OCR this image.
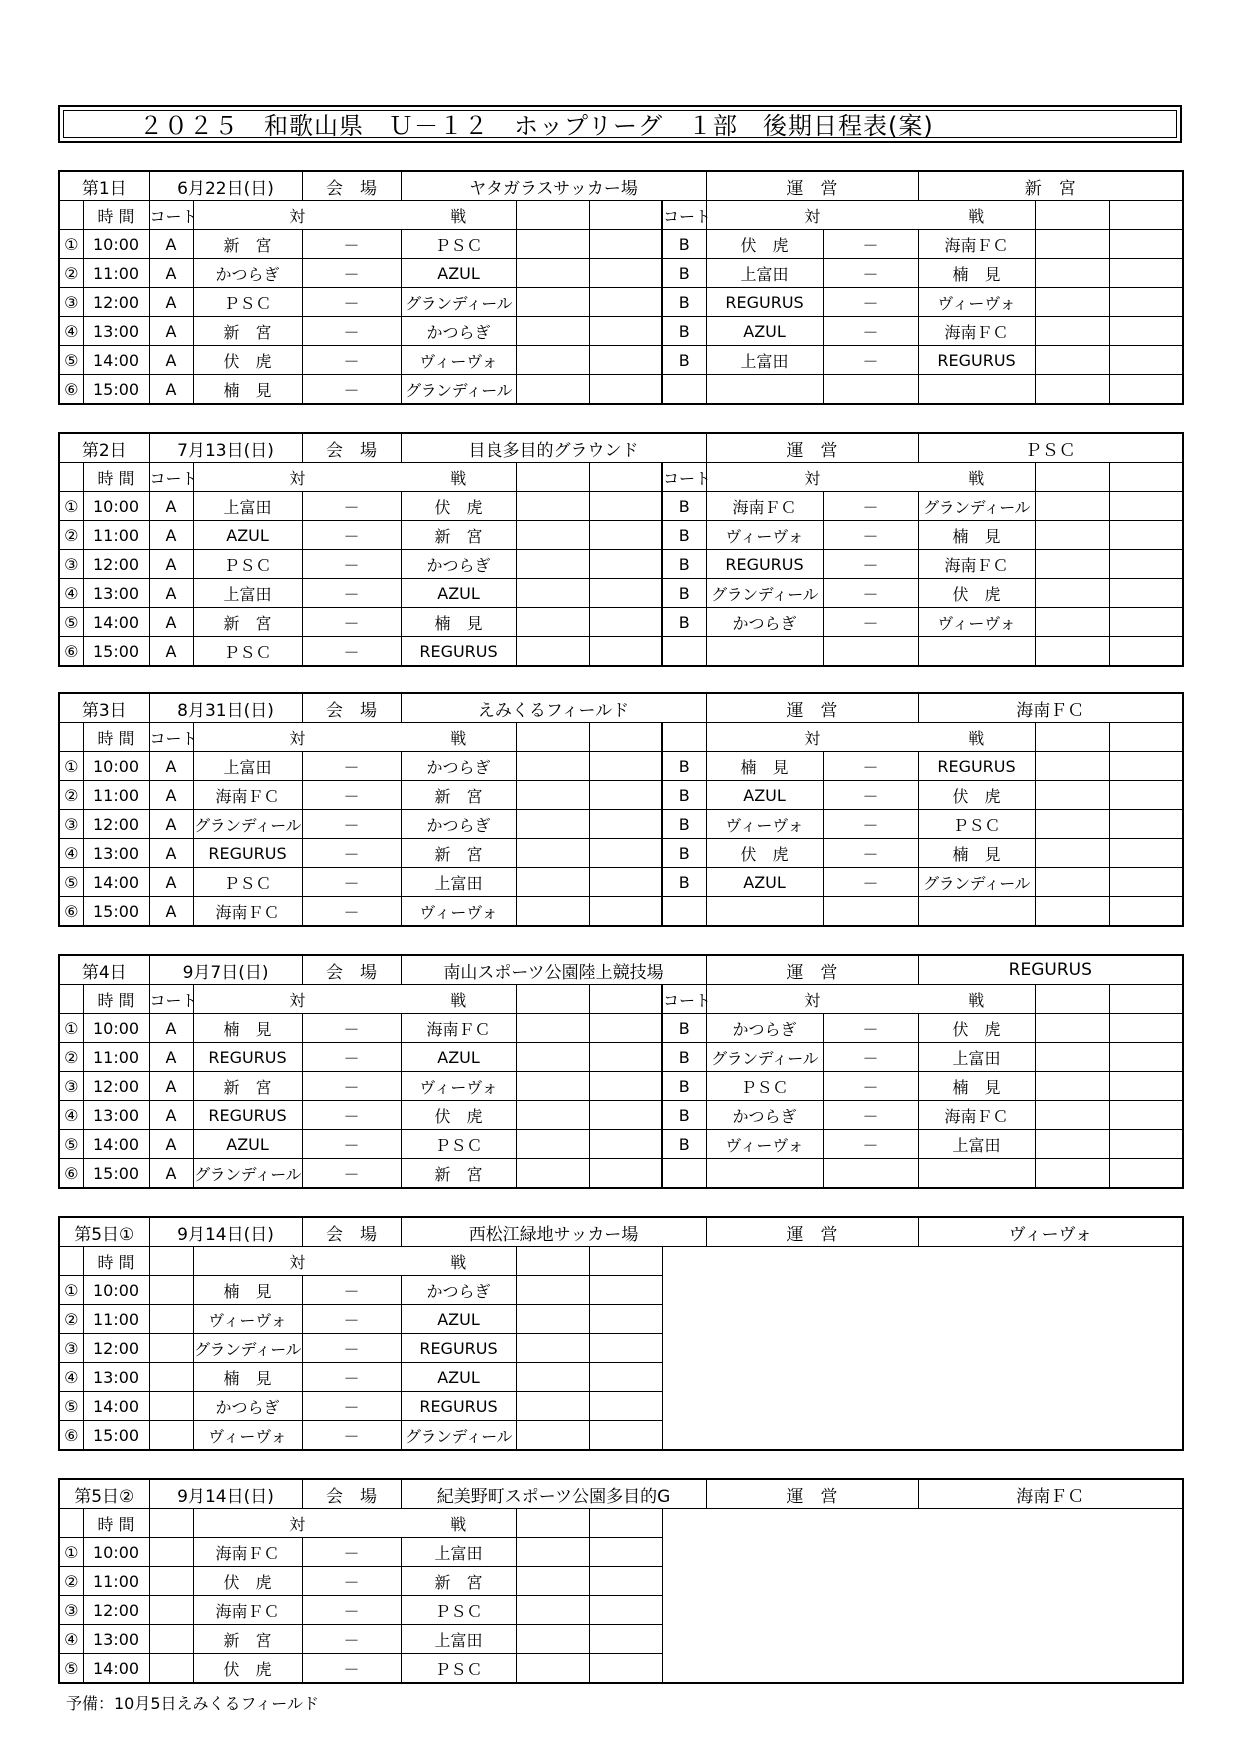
２０２５　和歌山県　Ｕ－１２　ホップリーグ　１部　後期日程表(案)
第1日		6月22日(日)		会　場	ヤタガラスサッカー場				運　営		新　宮		
	時 間	コート	対		戦			コート	対		戦		
①	10:00	A	新　宮	－	ＰＳＣ			B	伏　虎	－	海南ＦＣ		
②	11:00	A	かつらぎ	－	AZUL			B	上富田	－	楠　見		
③	12:00	A	ＰＳＣ	－	グランディール			B	REGURUS	－	ヴィーヴォ		
④	13:00	A	新　宮	－	かつらぎ			B	AZUL	－	海南ＦＣ		
⑤	14:00	A	伏　虎	－	ヴィーヴォ			B	上富田	－	REGURUS		
⑥	15:00	A	楠　見	－	グランディール								
第2日		7月13日(日)		会　場	目良多目的グラウンド				運　営		ＰＳＣ		
	時 間	コート	対		戦			コート	対		戦		
①	10:00	A	上富田	－	伏　虎			B	海南ＦＣ	－	グランディール		
②	11:00	A	AZUL	－	新　宮			B	ヴィーヴォ	－	楠　見		
③	12:00	A	ＰＳＣ	－	かつらぎ			B	REGURUS	－	海南ＦＣ		
④	13:00	A	上富田	－	AZUL			B	グランディール	－	伏　虎		
⑤	14:00	A	新　宮	－	楠　見			B	かつらぎ	－	ヴィーヴォ		
⑥	15:00	A	ＰＳＣ	－	REGURUS								
第3日		8月31日(日)		会　場	えみくるフィールド				運　営		海南ＦＣ		
	時 間	コート	対		戦				対		戦		
①	10:00	A	上富田	－	かつらぎ			B	楠　見	－	REGURUS		
②	11:00	A	海南ＦＣ	－	新　宮			B	AZUL	－	伏　虎		
③	12:00	A	グランディール	－	かつらぎ			B	ヴィーヴォ	－	ＰＳＣ		
④	13:00	A	REGURUS	－	新　宮			B	伏　虎	－	楠　見		
⑤	14:00	A	ＰＳＣ	－	上富田			B	AZUL	－	グランディール		
⑥	15:00	A	海南ＦＣ	－	ヴィーヴォ								
第4日		9月7日(日)		会　場	南山スポーツ公園陸上競技場				運　営		REGURUS		
	時 間	コート	対		戦			コート	対		戦		
①	10:00	A	楠　見	－	海南ＦＣ			B	かつらぎ	－	伏　虎		
②	11:00	A	REGURUS	－	AZUL			B	グランディール	－	上富田		
③	12:00	A	新　宮	－	ヴィーヴォ			B	ＰＳＣ	－	楠　見		
④	13:00	A	REGURUS	－	伏　虎			B	かつらぎ	－	海南ＦＣ		
⑤	14:00	A	AZUL	－	ＰＳＣ			B	ヴィーヴォ	－	上富田		
⑥	15:00	A	グランディール	－	新　宮								
第5日①		9月14日(日)		会　場	西松江緑地サッカー場				運　営	ヴィーヴォ
	時 間		対		戦					
①	10:00		楠　見	－	かつらぎ					
②	11:00		ヴィーヴォ	－	AZUL					
③	12:00		グランディール	－	REGURUS					
④	13:00		楠　見	－	AZUL					
⑤	14:00		かつらぎ	－	REGURUS					
⑥	15:00		ヴィーヴォ	－	グランディール					
第5日②		9月14日(日)		会　場	紀美野町スポーツ公園多目的G				運　営	海南ＦＣ
	時 間		対		戦					
①	10:00		海南ＦＣ	－	上富田					
②	11:00		伏　虎	－	新　宮					
③	12:00		海南ＦＣ	－	ＰＳＣ					
④	13:00		新　宮	－	上富田					
⑤	14:00		伏　虎	－	ＰＳＣ					
予備：10月5日えみくるフィールド
